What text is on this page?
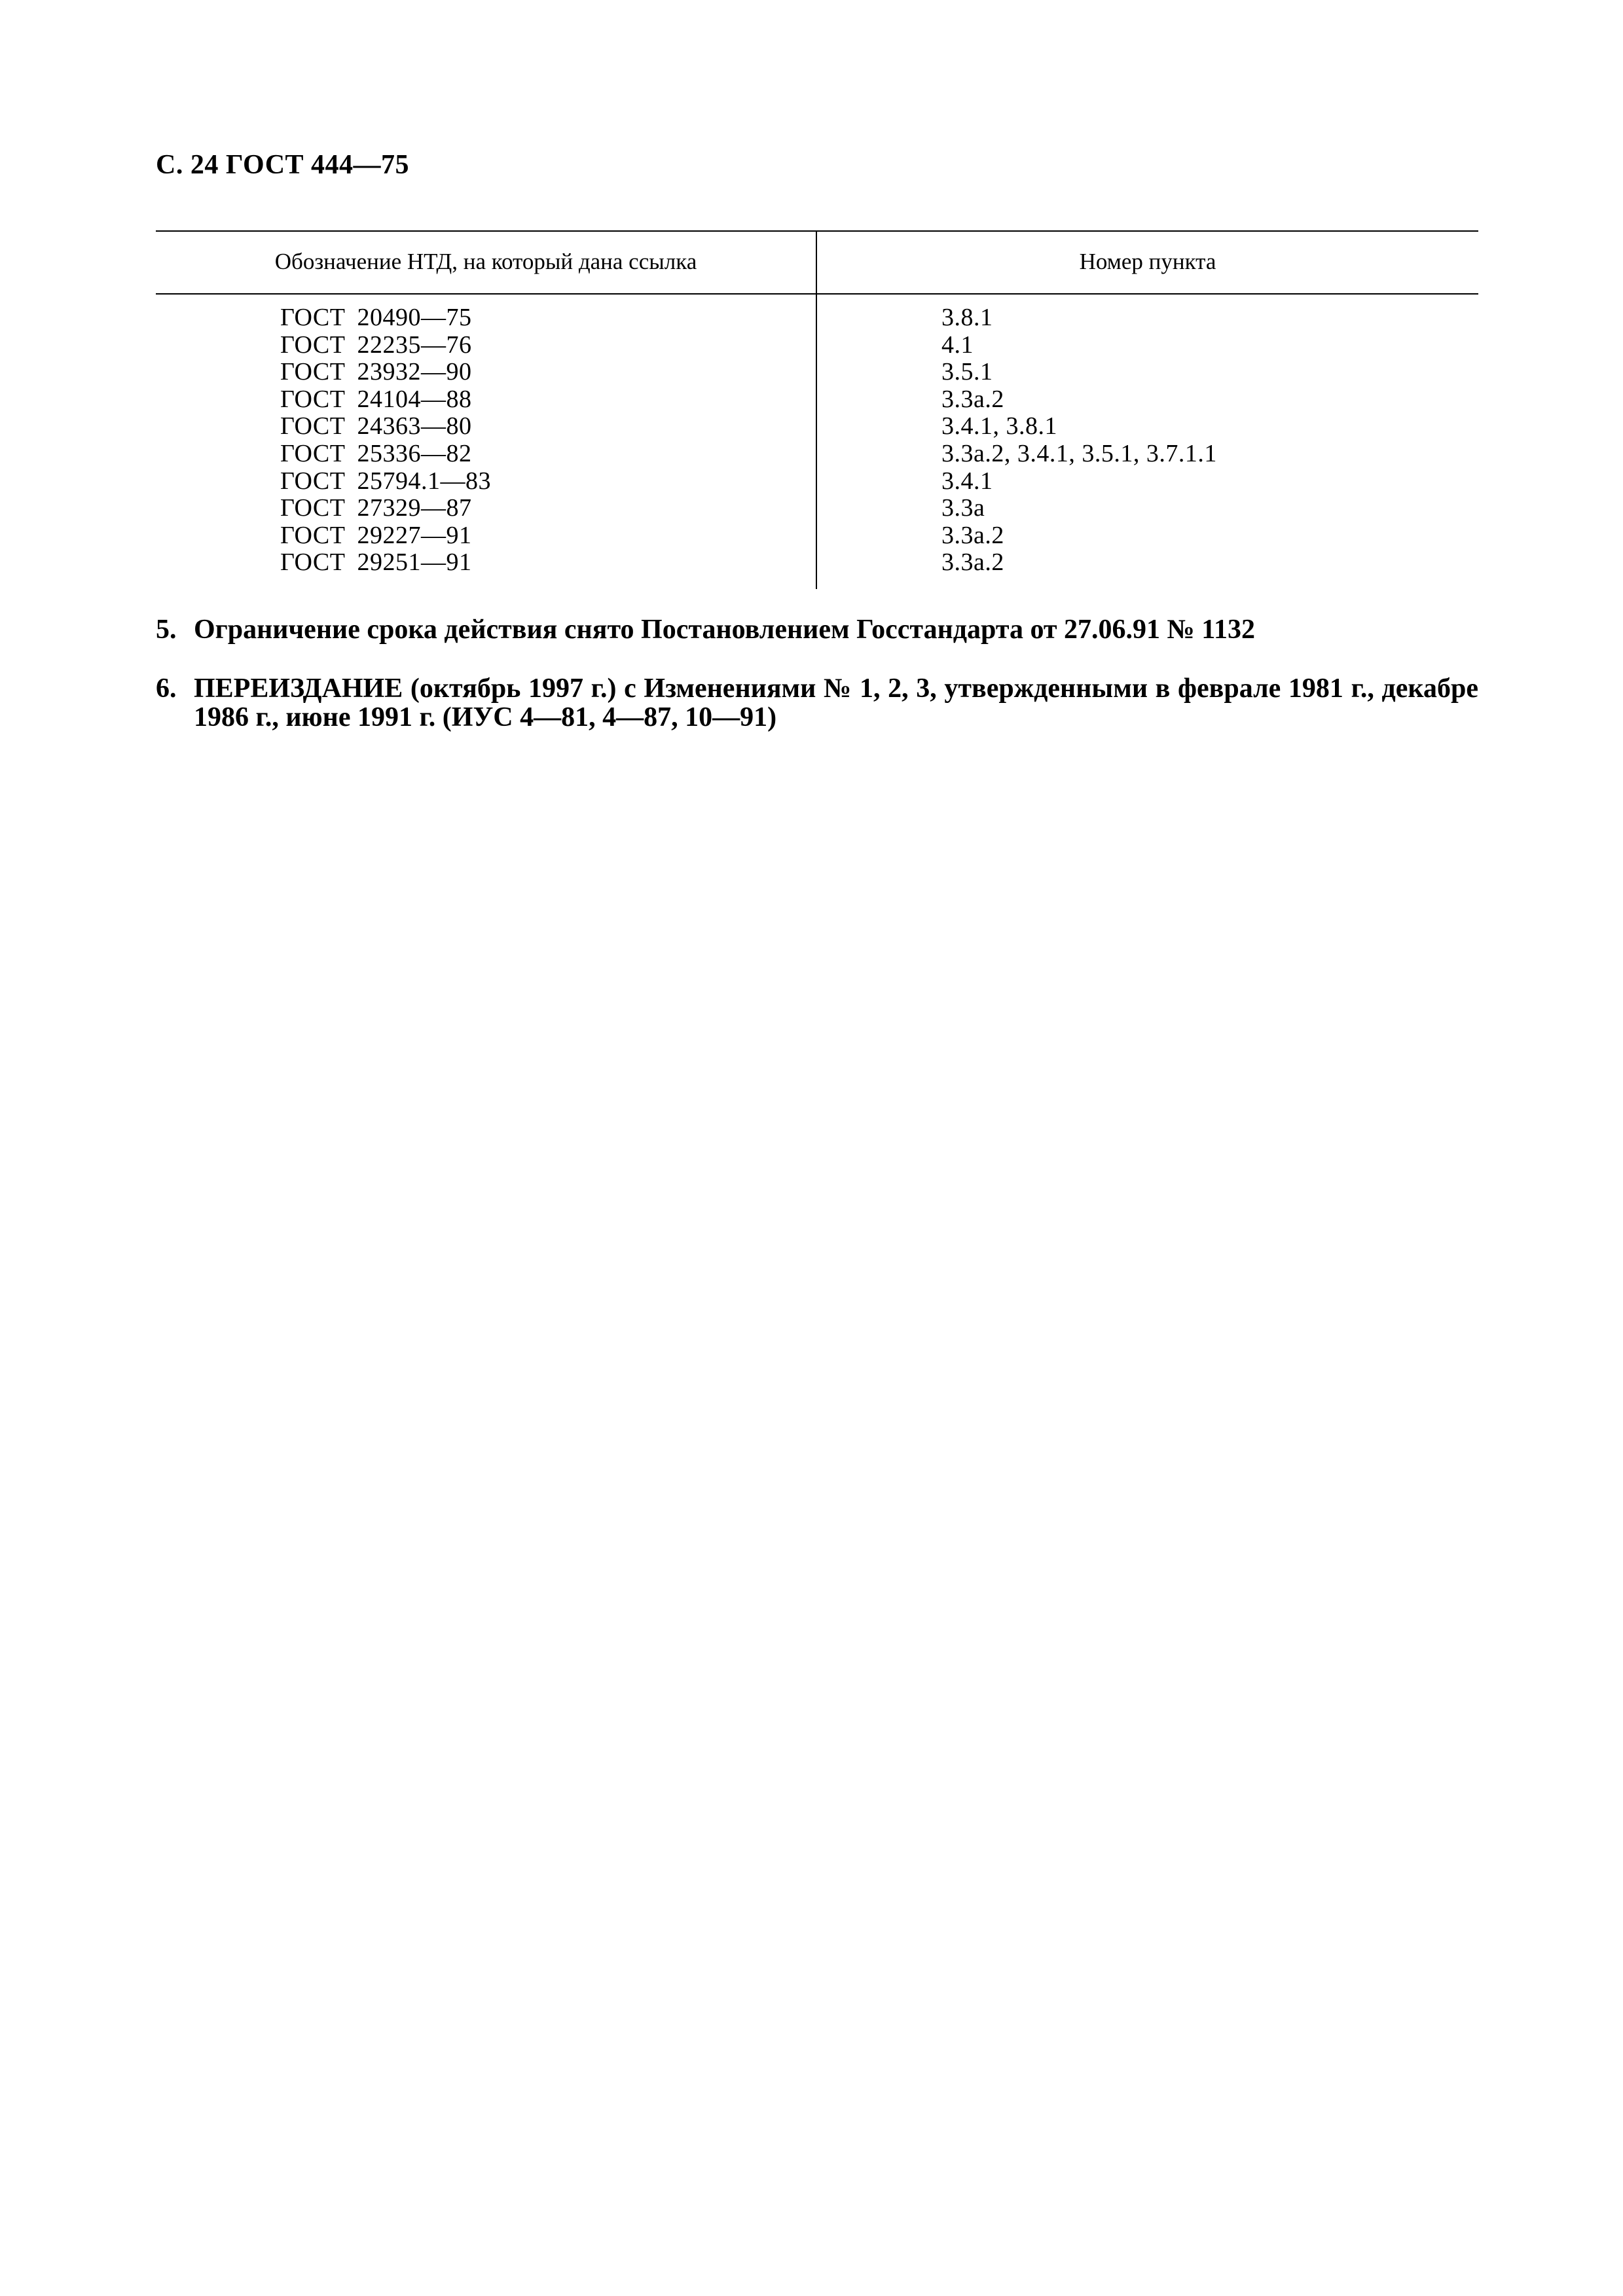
С. 24 ГОСТ 444—75
Обозначение НТД, на который дана ссылка	Номер пункта
ГОСТ 20490—75	3.8.1
ГОСТ 22235—76	4.1
ГОСТ 23932—90	3.5.1
ГОСТ 24104—88	3.3а.2
ГОСТ 24363—80	3.4.1, 3.8.1
ГОСТ 25336—82	3.3а.2, 3.4.1, 3.5.1, 3.7.1.1
ГОСТ 25794.1—83	3.4.1
ГОСТ 27329—87	3.3а
ГОСТ 29227—91	3.3а.2
ГОСТ 29251—91	3.3а.2
5. Ограничение срока действия снято Постановлением Госстандарта от 27.06.91 № 1132
6. ПЕРЕИЗДАНИЕ (октябрь 1997 г.) с Изменениями № 1, 2, 3, утвержденными в феврале 1981 г., декабре 1986 г., июне 1991 г. (ИУС 4—81, 4—87, 10—91)
